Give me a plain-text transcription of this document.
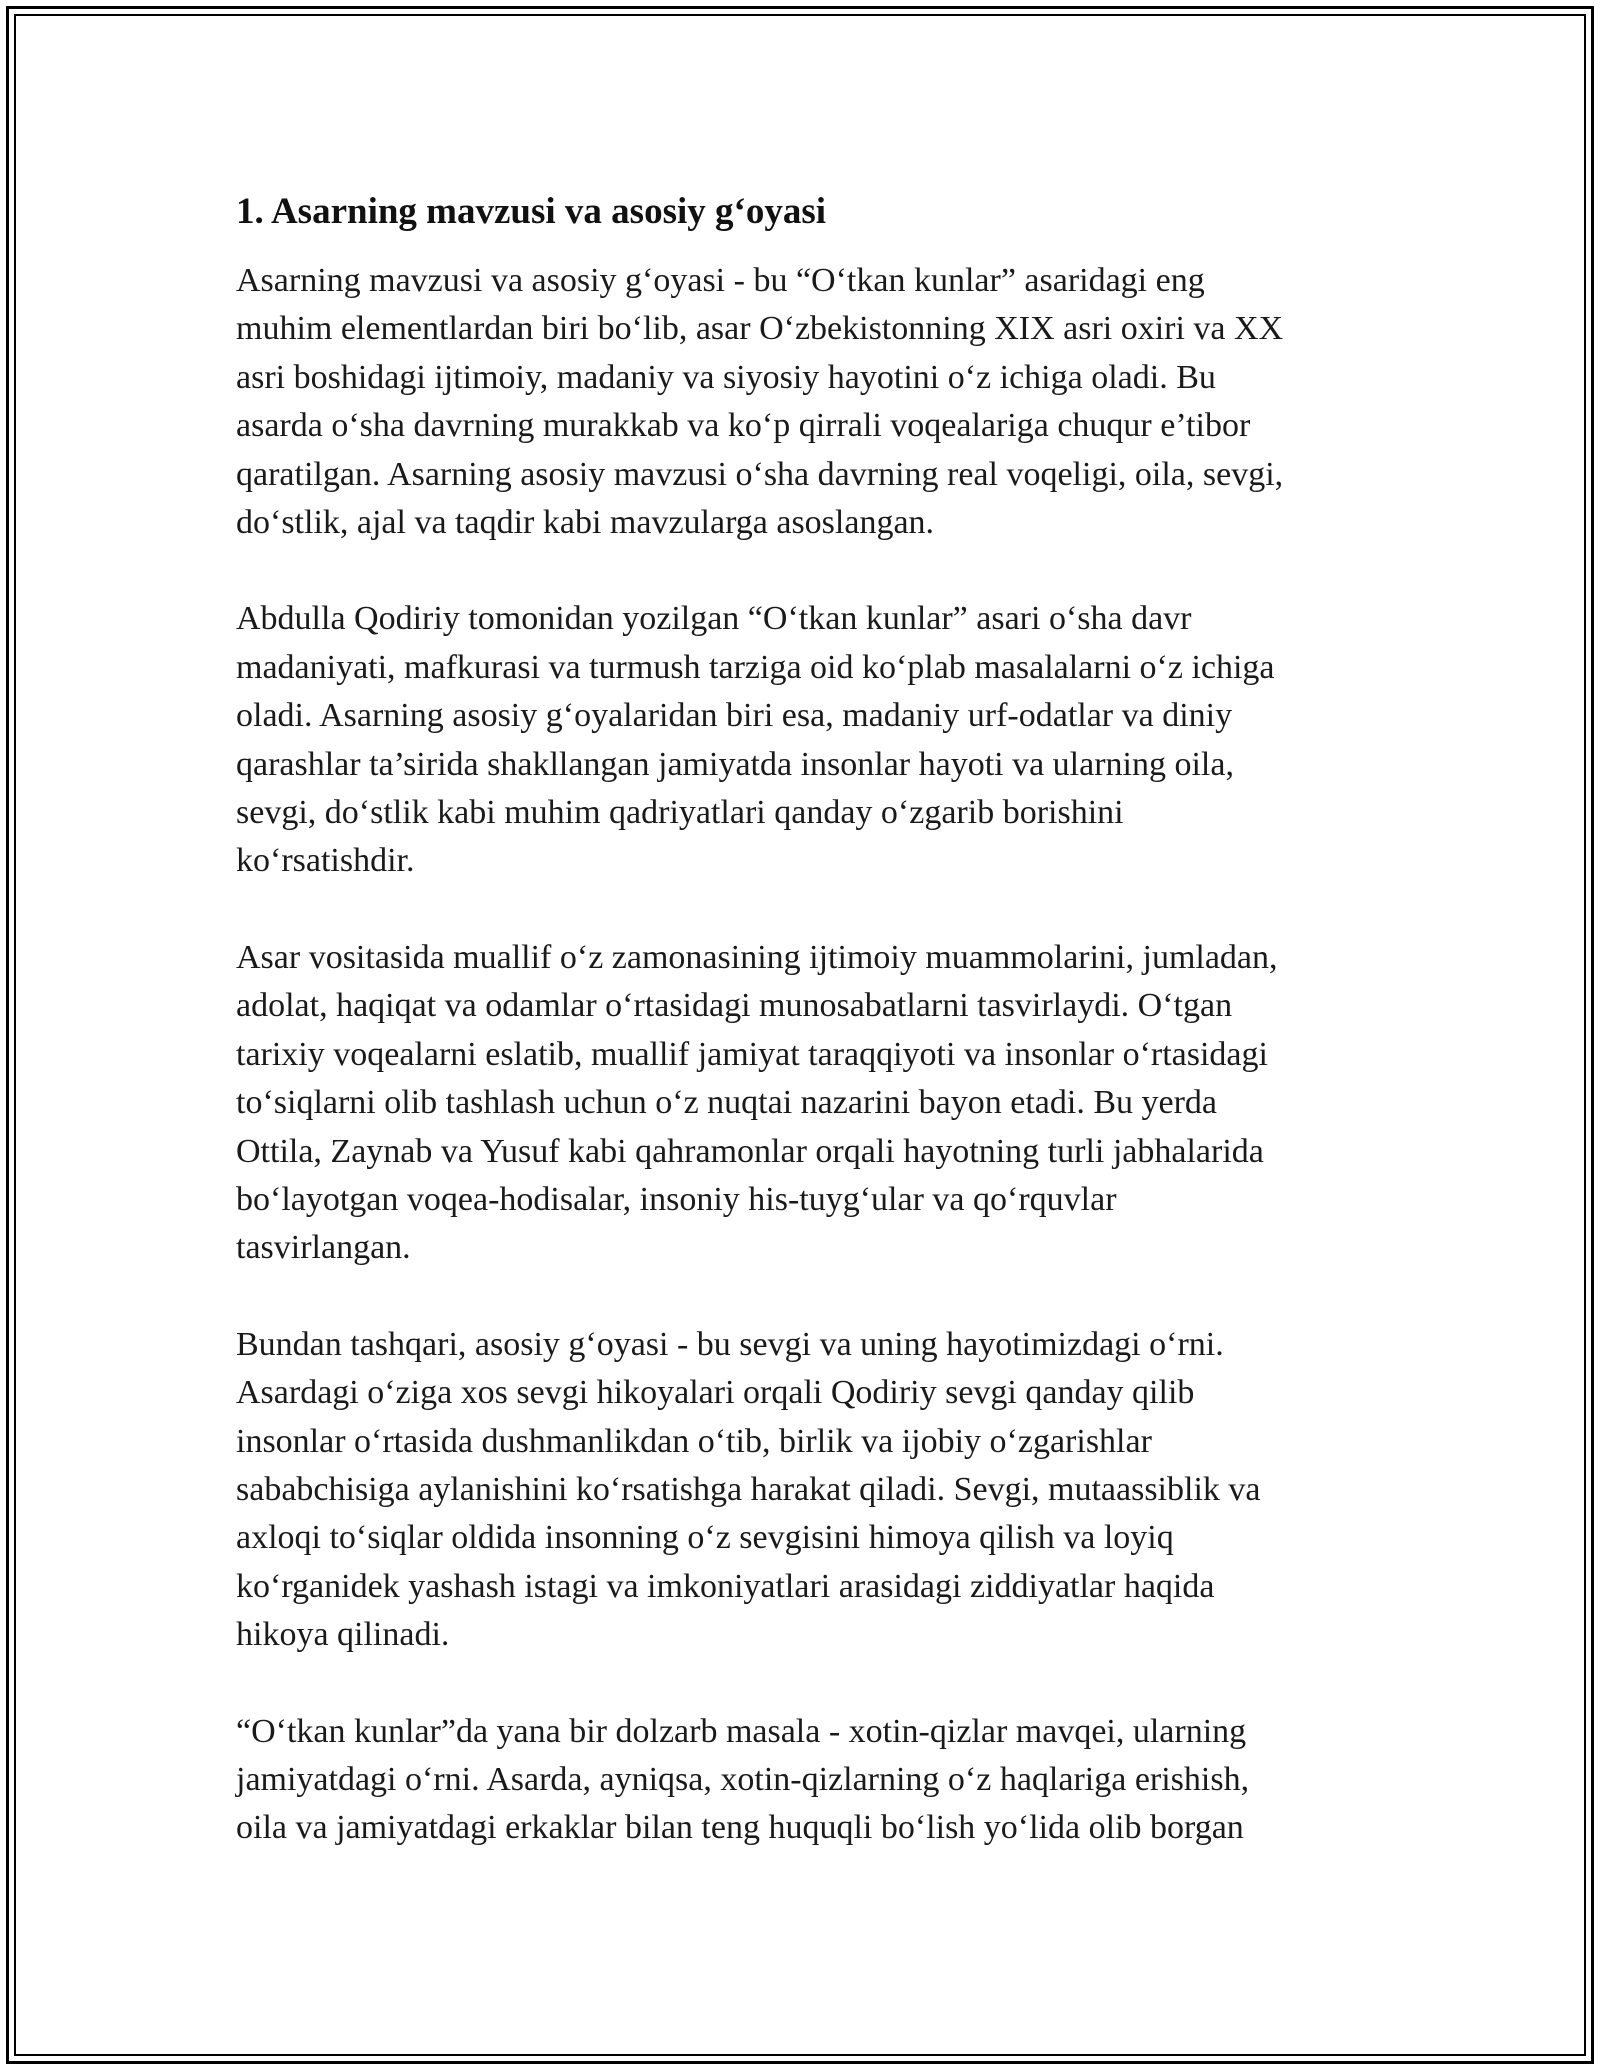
1. Asarning mavzusi va asosiy g‘oyasi

Asarning mavzusi va asosiy g‘oyasi - bu “O‘tkan kunlar” asaridagi eng
muhim elementlardan biri bo‘lib, asar O‘zbekistonning XIX asri oxiri va XX
asri boshidagi ijtimoiy, madaniy va siyosiy hayotini o‘z ichiga oladi. Bu
asarda o‘sha davrning murakkab va ko‘p qirrali voqealariga chuqur e’tibor
qaratilgan. Asarning asosiy mavzusi o‘sha davrning real voqeligi, oila, sevgi,
do‘stlik, ajal va taqdir kabi mavzularga asoslangan.

Abdulla Qodiriy tomonidan yozilgan “O‘tkan kunlar” asari o‘sha davr
madaniyati, mafkurasi va turmush tarziga oid ko‘plab masalalarni o‘z ichiga
oladi. Asarning asosiy g‘oyalaridan biri esa, madaniy urf-odatlar va diniy
qarashlar ta’sirida shakllangan jamiyatda insonlar hayoti va ularning oila,
sevgi, do‘stlik kabi muhim qadriyatlari qanday o‘zgarib borishini
ko‘rsatishdir.

Asar vositasida muallif o‘z zamonasining ijtimoiy muammolarini, jumladan,
adolat, haqiqat va odamlar o‘rtasidagi munosabatlarni tasvirlaydi. O‘tgan
tarixiy voqealarni eslatib, muallif jamiyat taraqqiyoti va insonlar o‘rtasidagi
to‘siqlarni olib tashlash uchun o‘z nuqtai nazarini bayon etadi. Bu yerda
Ottila, Zaynab va Yusuf kabi qahramonlar orqali hayotning turli jabhalarida
bo‘layotgan voqea-hodisalar, insoniy his-tuyg‘ular va qo‘rquvlar
tasvirlangan.

Bundan tashqari, asosiy g‘oyasi - bu sevgi va uning hayotimizdagi o‘rni.
Asardagi o‘ziga xos sevgi hikoyalari orqali Qodiriy sevgi qanday qilib
insonlar o‘rtasida dushmanlikdan o‘tib, birlik va ijobiy o‘zgarishlar
sababchisiga aylanishini ko‘rsatishga harakat qiladi. Sevgi, mutaassiblik va
axloqi to‘siqlar oldida insonning o‘z sevgisini himoya qilish va loyiq
ko‘rganidek yashash istagi va imkoniyatlari arasidagi ziddiyatlar haqida
hikoya qilinadi.

“O‘tkan kunlar”da yana bir dolzarb masala - xotin-qizlar mavqei, ularning
jamiyatdagi o‘rni. Asarda, ayniqsa, xotin-qizlarning o‘z haqlariga erishish,
oila va jamiyatdagi erkaklar bilan teng huquqli bo‘lish yo‘lida olib borgan
